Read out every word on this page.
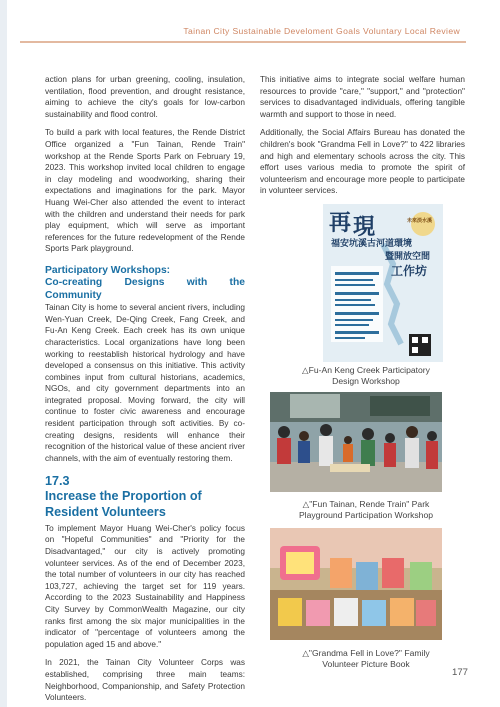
Tainan City Sustainable Develoment Goals Voluntary Local Review

action plans for urban greening, cooling, insulation, ventilation, flood prevention, and drought resistance, aiming to achieve the city's goals for low-carbon sustainability and flood control.

To build a park with local features, the Rende District Office organized a "Fun Tainan, Rende Train" workshop at the Rende Sports Park on February 19, 2023. This workshop invited local children to engage in clay modeling and woodworking, sharing their expectations and imaginations for the park. Mayor Huang Wei-Cher also attended the event to interact with the children and understand their needs for park play equipment, which will serve as important references for the future redevelopment of the Rende Sports Park playground.

Participatory Workshops:
Co-creating Designs with the Community

Tainan City is home to several ancient rivers, including Wen-Yuan Creek, De-Qing Creek, Fang Creek, and Fu-An Keng Creek. Each creek has its own unique characteristics. Local organizations have long been working to reestablish historical hydrology and have developed a consensus on this initiative. This activity combines input from cultural historians, academics, NGOs, and city government departments into an integrated proposal. Moving forward, the city will continue to foster civic awareness and encourage resident participation through soft activities. By co-creating designs, residents will enhance their recognition of the historical value of these ancient river channels, with the aim of eventually restoring them.

17.3
Increase the Proportion of
Resident Volunteers

To implement Mayor Huang Wei-Cher's policy focus on "Hopeful Communities" and "Priority for the Disadvantaged," our city is actively promoting volunteer services. As of the end of December 2023, the total number of volunteers in our city has reached 103,727, achieving the target set for 119 years. According to the 2023 Sustainability and Happiness City Survey by CommonWealth Magazine, our city ranks first among the six major municipalities in the indicator of "percentage of volunteers among the population aged 15 and above."

In 2021, the Tainan City Volunteer Corps was established, comprising three main teams: Neighborhood, Companionship, and Safety Protection Volunteers.

This initiative aims to integrate social welfare human resources to provide "care," "support," and "protection" services to disadvantaged individuals, offering tangible warmth and support to those in need.

Additionally, the Social Affairs Bureau has donated the children's book "Grandma Fell in Love?" to 422 libraries and high and elementary schools across the city. This effort uses various media to promote the spirit of volunteerism and encourage more people to participate in volunteer services.

再 現	未來淡水溪
福安坑溪古河道環境
暨開放空間
工作坊
△Fu-An Keng Creek Participatory
Design Workshop
△"Fun Tainan, Rende Train" Park
Playground Participation Workshop
△"Grandma Fell in Love?" Family
Volunteer Picture Book
177
